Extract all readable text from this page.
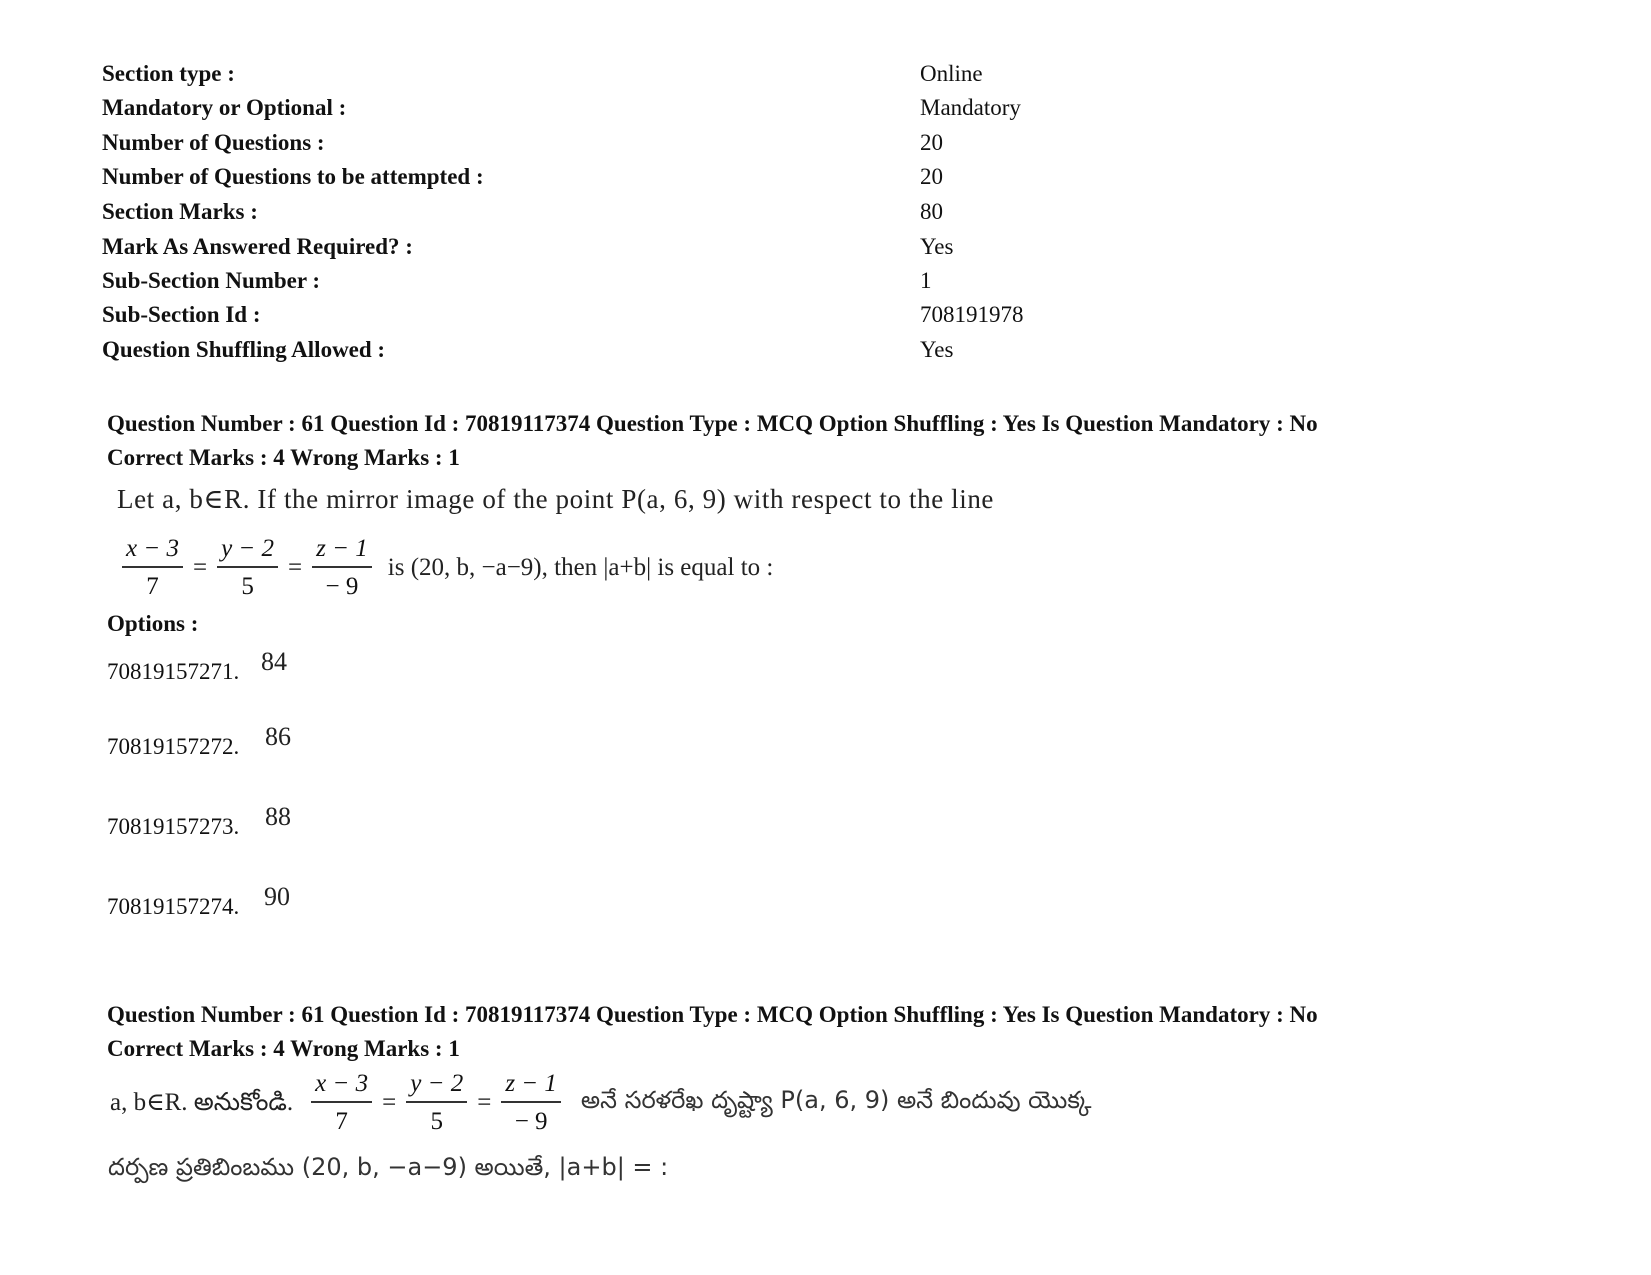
Section type :	Online
Mandatory or Optional :	Mandatory
Number of Questions :	20
Number of Questions to be attempted :	20
Section Marks :	80
Mark As Answered Required? :	Yes
Sub-Section Number :	1
Sub-Section Id :	708191978
Question Shuffling Allowed :	Yes
Question Number : 61 Question Id : 70819117374 Question Type : MCQ Option Shuffling : Yes Is Question Mandatory : No
Correct Marks : 4 Wrong Marks : 1
Let a, b∈R. If the mirror image of the point P(a, 6, 9) with respect to the line
$\frac{x - 3}{7} = \frac{y - 2}{5} = \frac{z - 1}{- 9}$ is (20, b, −a−9), then |a+b| is equal to :
Options :
70819157271. 84
70819157272. 86
70819157273. 88
70819157274. 90
Question Number : 61 Question Id : 70819117374 Question Type : MCQ Option Shuffling : Yes Is Question Mandatory : No
Correct Marks : 4 Wrong Marks : 1
a, b∈R. అనుకోండి. $\frac{x - 3}{7} = \frac{y - 2}{5} = \frac{z - 1}{- 9}$ అనే సరళరేఖ దృష్ట్యా P(a, 6, 9) అనే బిందువు యొక్క
దర్పణ ప్రతిబింబము (20, b, −a−9) అయితే, |a+b| = :
